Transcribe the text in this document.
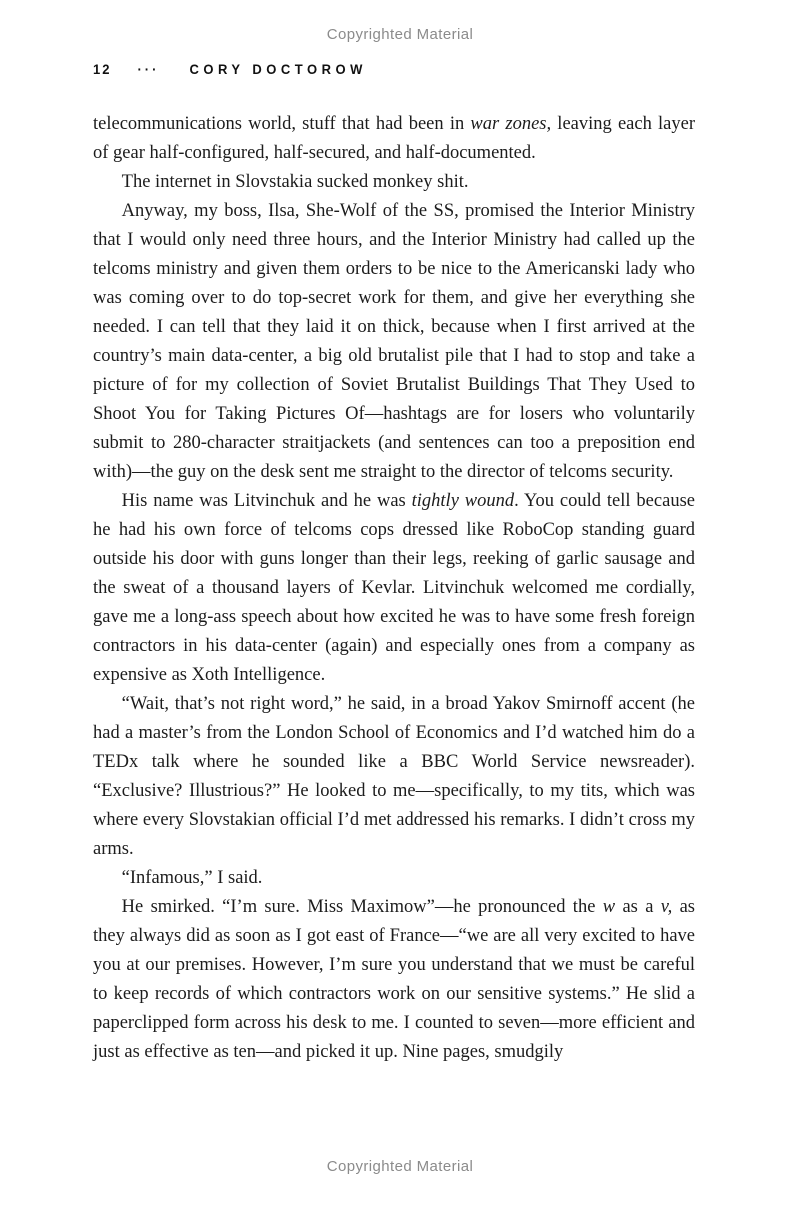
Copyrighted Material
12 ··· CORY DOCTOROW

telecommunications world, stuff that had been in war zones, leaving each layer of gear half-configured, half-secured, and half-documented.

The internet in Slovstakia sucked monkey shit.

Anyway, my boss, Ilsa, She-Wolf of the SS, promised the Interior Ministry that I would only need three hours, and the Interior Ministry had called up the telcoms ministry and given them orders to be nice to the Americanski lady who was coming over to do top-secret work for them, and give her everything she needed. I can tell that they laid it on thick, because when I first arrived at the country’s main data-center, a big old brutalist pile that I had to stop and take a picture of for my collection of Soviet Brutalist Buildings That They Used to Shoot You for Taking Pictures Of—hashtags are for losers who voluntarily submit to 280-character straitjackets (and sentences can too a preposition end with)—the guy on the desk sent me straight to the director of telcoms security.

His name was Litvinchuk and he was tightly wound. You could tell because he had his own force of telcoms cops dressed like RoboCop standing guard outside his door with guns longer than their legs, reeking of garlic sausage and the sweat of a thousand layers of Kevlar. Litvinchuk welcomed me cordially, gave me a long-ass speech about how excited he was to have some fresh foreign contractors in his data-center (again) and especially ones from a company as expensive as Xoth Intelligence.

“Wait, that’s not right word,” he said, in a broad Yakov Smirnoff accent (he had a master’s from the London School of Economics and I’d watched him do a TEDx talk where he sounded like a BBC World Service newsreader). “Exclusive? Illustrious?” He looked to me—specifically, to my tits, which was where every Slovstakian official I’d met addressed his remarks. I didn’t cross my arms.

“Infamous,” I said.

He smirked. “I’m sure. Miss Maximow”—he pronounced the w as a v, as they always did as soon as I got east of France—“we are all very excited to have you at our premises. However, I’m sure you understand that we must be careful to keep records of which contractors work on our sensitive systems.” He slid a paperclipped form across his desk to me. I counted to seven—more efficient and just as effective as ten—and picked it up. Nine pages, smudgily

Copyrighted Material
